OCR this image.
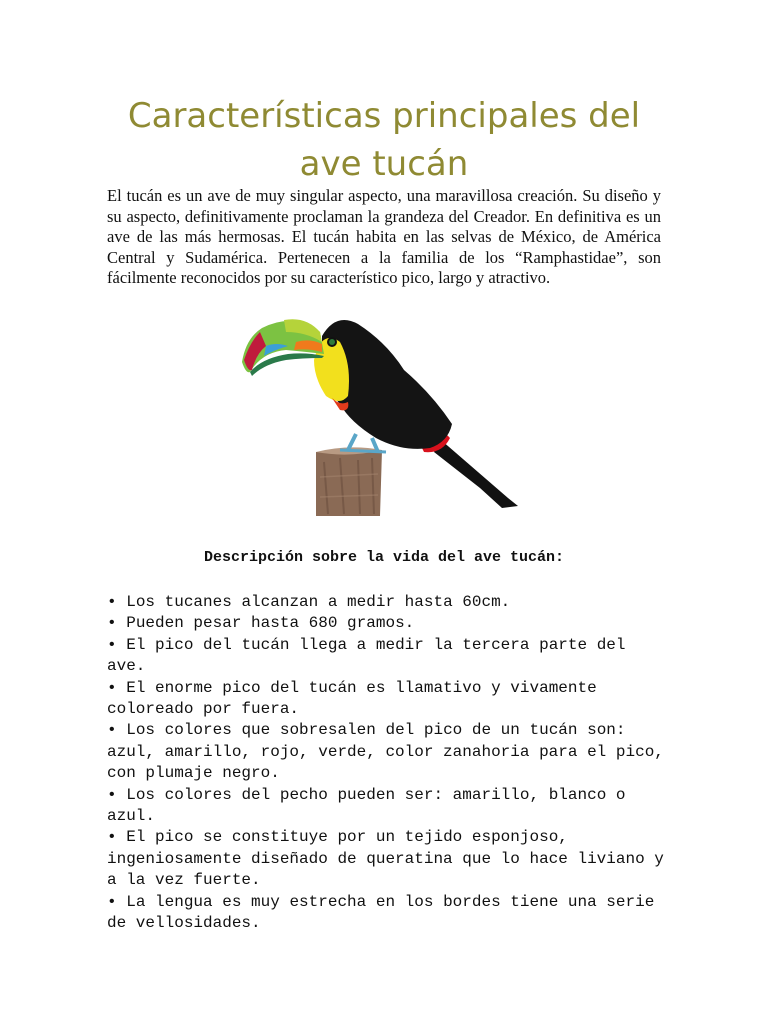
Características principales del ave tucán

El tucán es un ave de muy singular aspecto, una maravillosa creación. Su diseño y su aspecto, definitivamente proclaman la grandeza del Creador. En definitiva es un ave de las más hermosas. El tucán habita en las selvas de México, de América Central y Sudamérica. Pertenecen a la familia de los “Ramphastidae”, son fácilmente reconocidos por su característico pico, largo y atractivo.

Descripción sobre la vida del ave tucán:
• Los tucanes alcanzan a medir hasta 60cm.
• Pueden pesar hasta 680 gramos.
• El pico del tucán llega a medir la tercera parte del ave.
• El enorme pico del tucán es llamativo y vivamente coloreado por fuera.
• Los colores que sobresalen del pico de un tucán son: azul, amarillo, rojo, verde, color zanahoria para el pico, con plumaje negro.
• Los colores del pecho pueden ser: amarillo, blanco o azul.
• El pico se constituye por un tejido esponjoso, ingeniosamente diseñado de queratina que lo hace liviano y a la vez fuerte.
• La lengua es muy estrecha en los bordes tiene una serie de vellosidades.
